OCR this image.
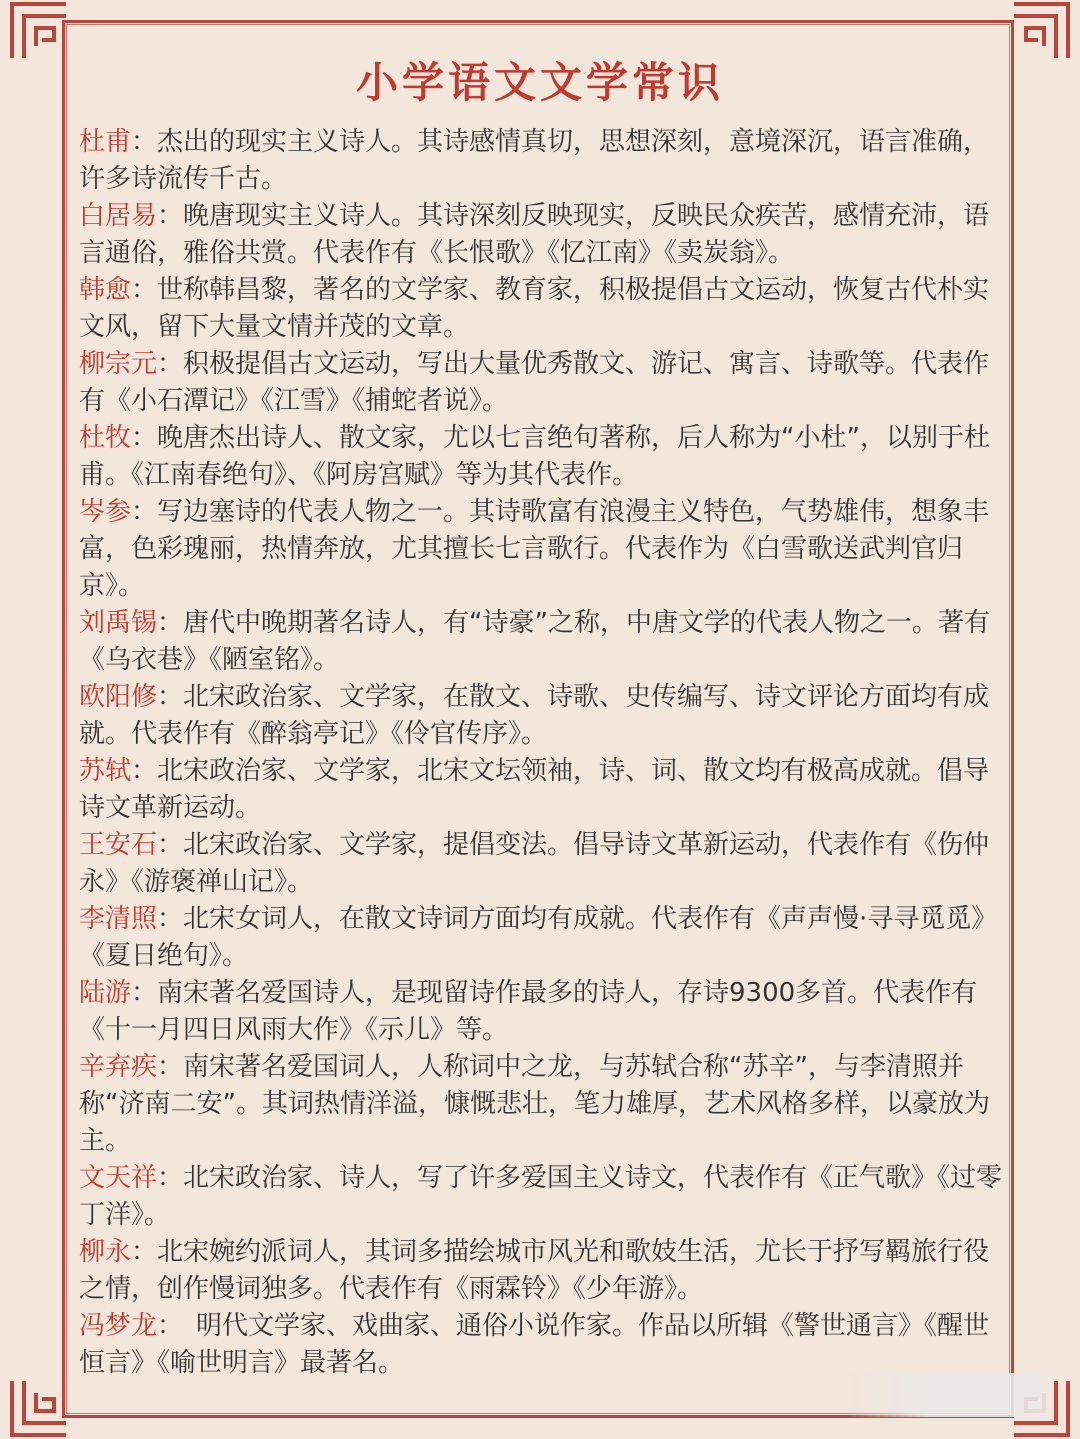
小学语文文学常识

杜甫：杰出的现实主义诗人。其诗感情真切，思想深刻，意境深沉，语言准确，许多诗流传千古。

白居易：晚唐现实主义诗人。其诗深刻反映现实，反映民众疾苦，感情充沛，语言通俗，雅俗共赏。代表作有《长恨歌》《忆江南》《卖炭翁》。

韩愈：世称韩昌黎，著名的文学家、教育家，积极提倡古文运动，恢复古代朴实文风，留下大量文情并茂的文章。

柳宗元：积极提倡古文运动，写出大量优秀散文、游记、寓言、诗歌等。代表作有《小石潭记》《江雪》《捕蛇者说》。

杜牧：晚唐杰出诗人、散文家，尤以七言绝句著称，后人称为“小杜”，以别于杜甫。《江南春绝句》、《阿房宫赋》等为其代表作。

岑参：写边塞诗的代表人物之一。其诗歌富有浪漫主义特色，气势雄伟，想象丰富，色彩瑰丽，热情奔放，尤其擅长七言歌行。代表作为《白雪歌送武判官归京》。

刘禹锡：唐代中晚期著名诗人，有“诗豪”之称，中唐文学的代表人物之一。著有《乌衣巷》《陋室铭》。

欧阳修：北宋政治家、文学家，在散文、诗歌、史传编写、诗文评论方面均有成就。代表作有《醉翁亭记》《伶官传序》。

苏轼：北宋政治家、文学家，北宋文坛领袖，诗、词、散文均有极高成就。倡导诗文革新运动。

王安石：北宋政治家、文学家，提倡变法。倡导诗文革新运动，代表作有《伤仲永》《游褒禅山记》。

李清照：北宋女词人，在散文诗词方面均有成就。代表作有《声声慢·寻寻觅觅》《夏日绝句》。

陆游：南宋著名爱国诗人，是现留诗作最多的诗人，存诗9300多首。代表作有《十一月四日风雨大作》《示儿》等。

辛弃疾：南宋著名爱国词人，人称词中之龙，与苏轼合称“苏辛”，与李清照并称“济南二安”。其词热情洋溢，慷慨悲壮，笔力雄厚，艺术风格多样，以豪放为主。

文天祥：北宋政治家、诗人，写了许多爱国主义诗文，代表作有《正气歌》《过零丁洋》。

柳永：北宋婉约派词人，其词多描绘城市风光和歌妓生活，尤长于抒写羁旅行役之情，创作慢词独多。代表作有《雨霖铃》《少年游》。

冯梦龙：　明代文学家、戏曲家、通俗小说作家。作品以所辑《警世通言》《醒世恒言》《喻世明言》最著名。
